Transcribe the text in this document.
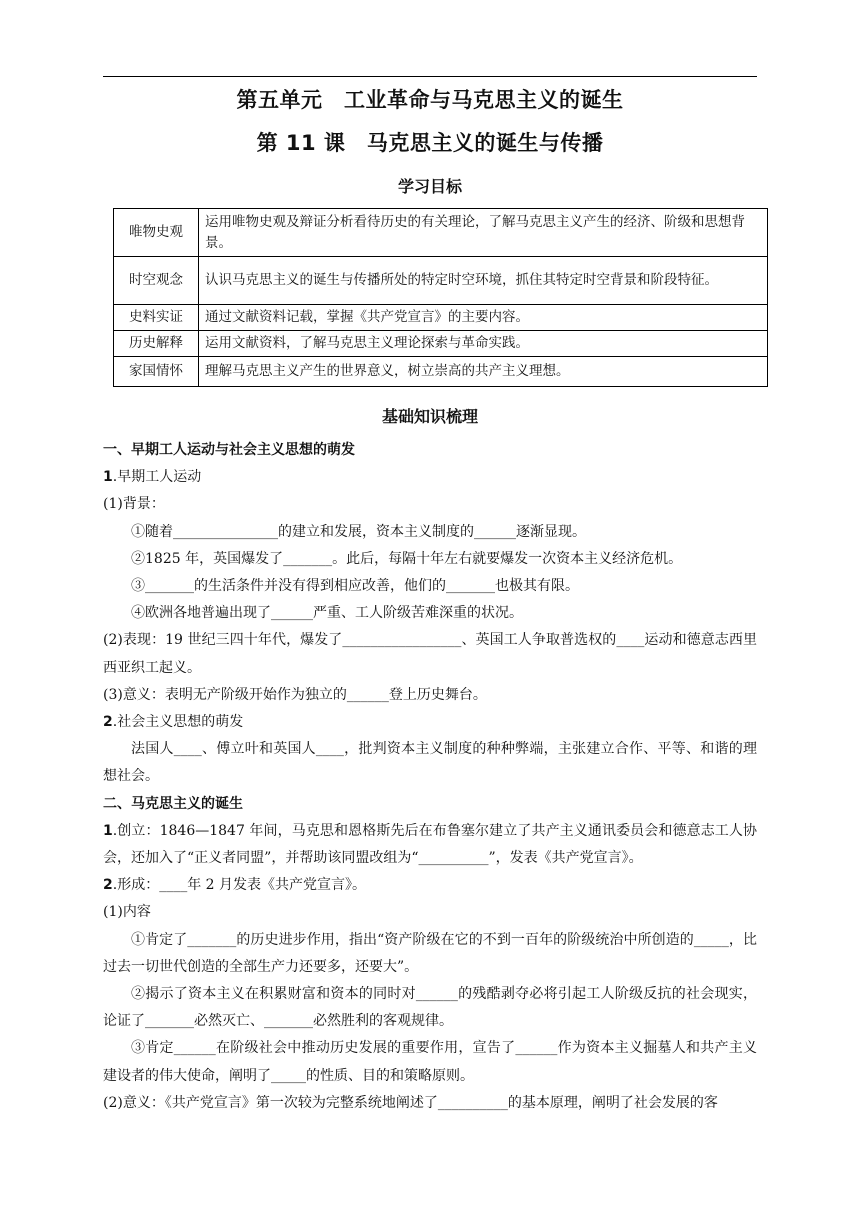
第五单元　工业革命与马克思主义的诞生
第 11 课　马克思主义的诞生与传播
学习目标
唯物史观	运用唯物史观及辩证分析看待历史的有关理论，了解马克思主义产生的经济、阶级和思想背景。
时空观念	认识马克思主义的诞生与传播所处的特定时空环境，抓住其特定时空背景和阶段特征。
史料实证	通过文献资料记载，掌握《共产党宣言》的主要内容。
历史解释	运用文献资料，了解马克思主义理论探索与革命实践。
家国情怀	理解马克思主义产生的世界意义，树立崇高的共产主义理想。
基础知识梳理

一、早期工人运动与社会主义思想的萌发

1.早期工人运动

(1)背景：

①随着_______________的建立和发展，资本主义制度的______逐渐显现。

②1825 年，英国爆发了_______。此后，每隔十年左右就要爆发一次资本主义经济危机。

③_______的生活条件并没有得到相应改善，他们的_______也极其有限。

④欧洲各地普遍出现了______严重、工人阶级苦难深重的状况。

(2)表现：19 世纪三四十年代，爆发了_________________、英国工人争取普选权的____运动和德意志西里西亚织工起义。

(3)意义：表明无产阶级开始作为独立的______登上历史舞台。

2.社会主义思想的萌发

法国人____、傅立叶和英国人____，批判资本主义制度的种种弊端，主张建立合作、平等、和谐的理想社会。

二、马克思主义的诞生

1.创立：1846—1847 年间，马克思和恩格斯先后在布鲁塞尔建立了共产主义通讯委员会和德意志工人协会，还加入了“正义者同盟”，并帮助该同盟改组为“__________”，发表《共产党宣言》。

2.形成：____年 2 月发表《共产党宣言》。

(1)内容

①肯定了_______的历史进步作用，指出“资产阶级在它的不到一百年的阶级统治中所创造的_____，比过去一切世代创造的全部生产力还要多，还要大”。

②揭示了资本主义在积累财富和资本的同时对______的残酷剥夺必将引起工人阶级反抗的社会现实，论证了_______必然灭亡、_______必然胜利的客观规律。

③肯定______在阶级社会中推动历史发展的重要作用，宣告了______作为资本主义掘墓人和共产主义建设者的伟大使命，阐明了_____的性质、目的和策略原则。

(2)意义：《共产党宣言》第一次较为完整系统地阐述了__________的基本原理，阐明了社会发展的客
